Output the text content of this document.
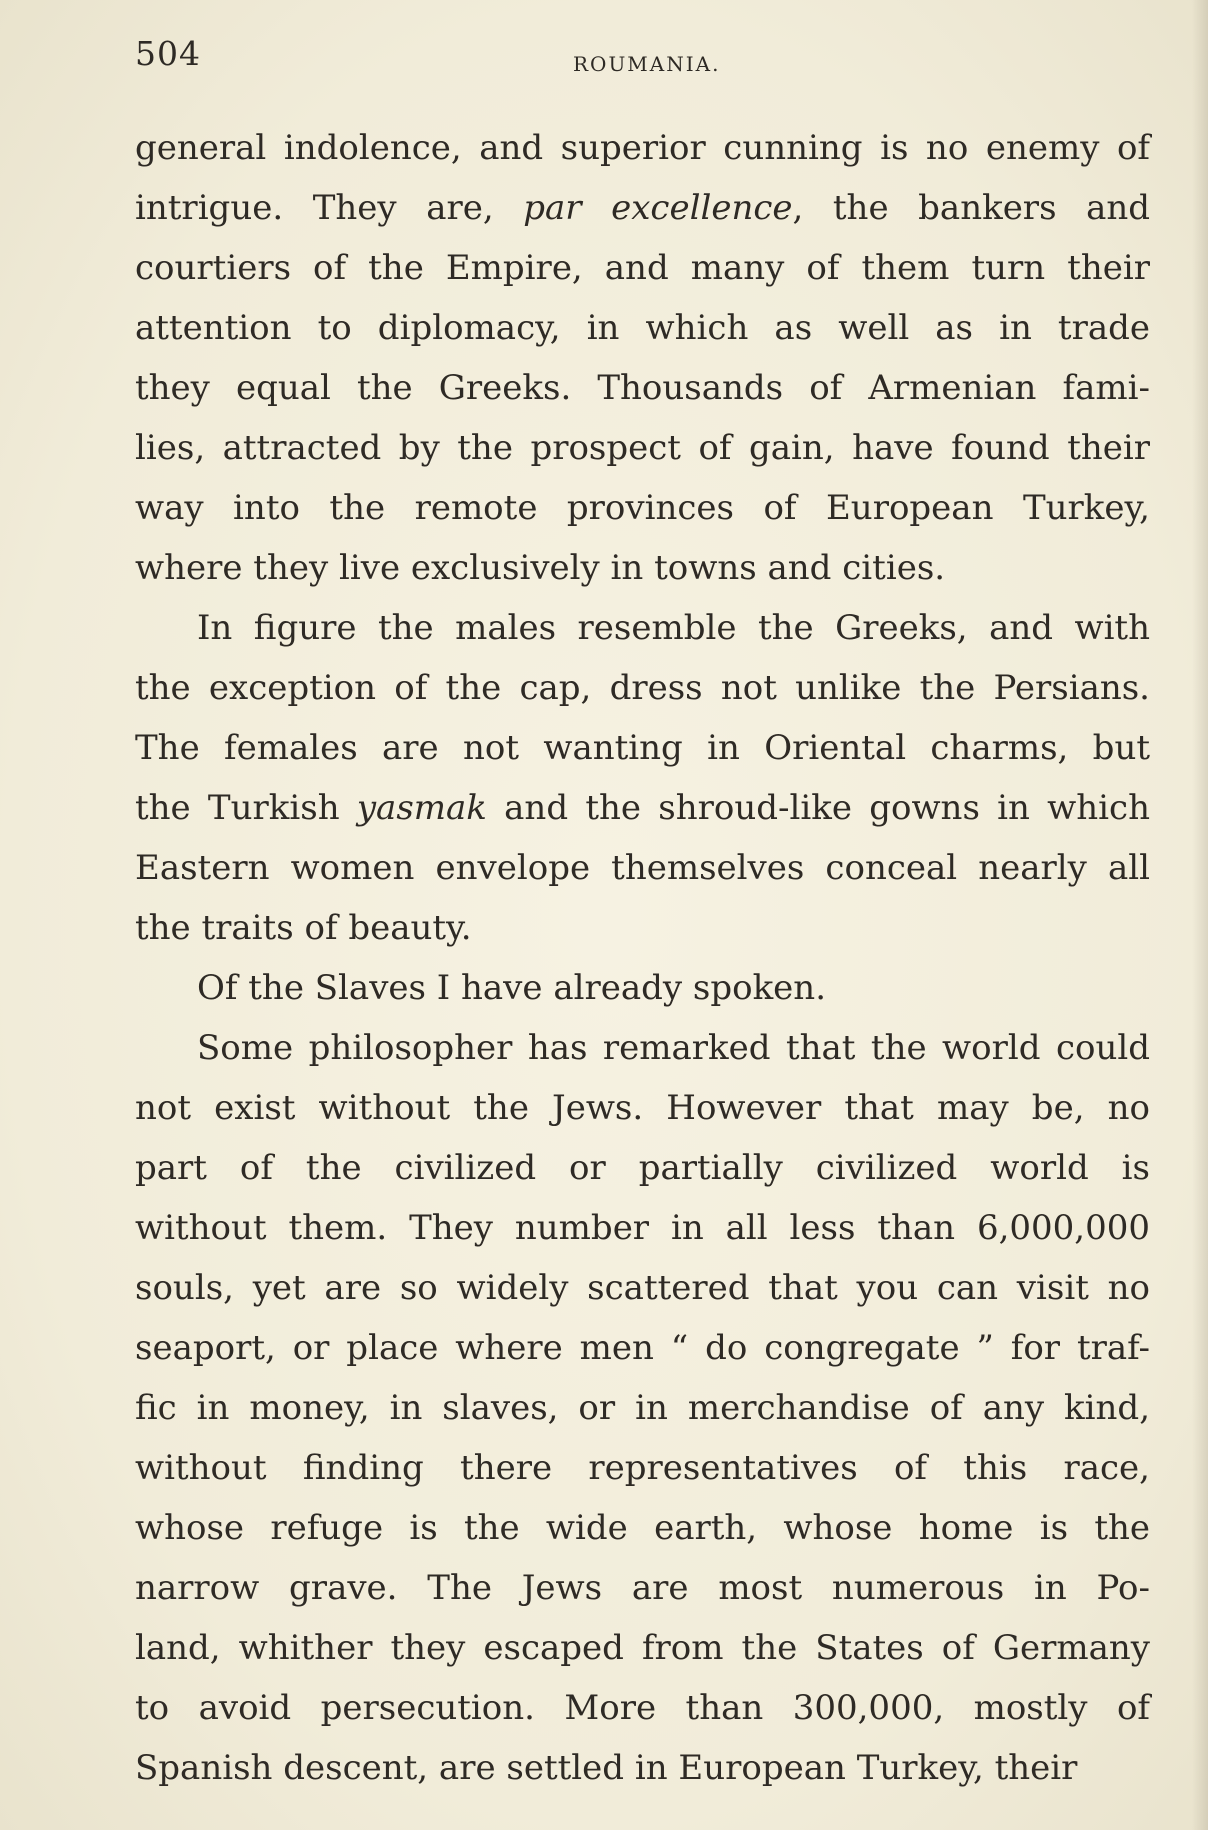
504	ROUMANIA.
general indolence, and superior cunning is no enemy of
intrigue. They are, par excellence, the bankers and
courtiers of the Empire, and many of them turn their
attention to diplomacy, in which as well as in trade
they equal the Greeks. Thousands of Armenian fami-
lies, attracted by the prospect of gain, have found their
way into the remote provinces of European Turkey,
where they live exclusively in towns and cities.
In figure the males resemble the Greeks, and with
the exception of the cap, dress not unlike the Persians.
The females are not wanting in Oriental charms, but
the Turkish yasmak and the shroud-like gowns in which
Eastern women envelope themselves conceal nearly all
the traits of beauty.
Of the Slaves I have already spoken.
Some philosopher has remarked that the world could
not exist without the Jews. However that may be, no
part of the civilized or partially civilized world is
without them. They number in all less than 6,000,000
souls, yet are so widely scattered that you can visit no
seaport, or place where men “ do congregate ” for traf-
fic in money, in slaves, or in merchandise of any kind,
without finding there representatives of this race,
whose refuge is the wide earth, whose home is the
narrow grave. The Jews are most numerous in Po-
land, whither they escaped from the States of Germany
to avoid persecution. More than 300,000, mostly of
Spanish descent, are settled in European Turkey, their
